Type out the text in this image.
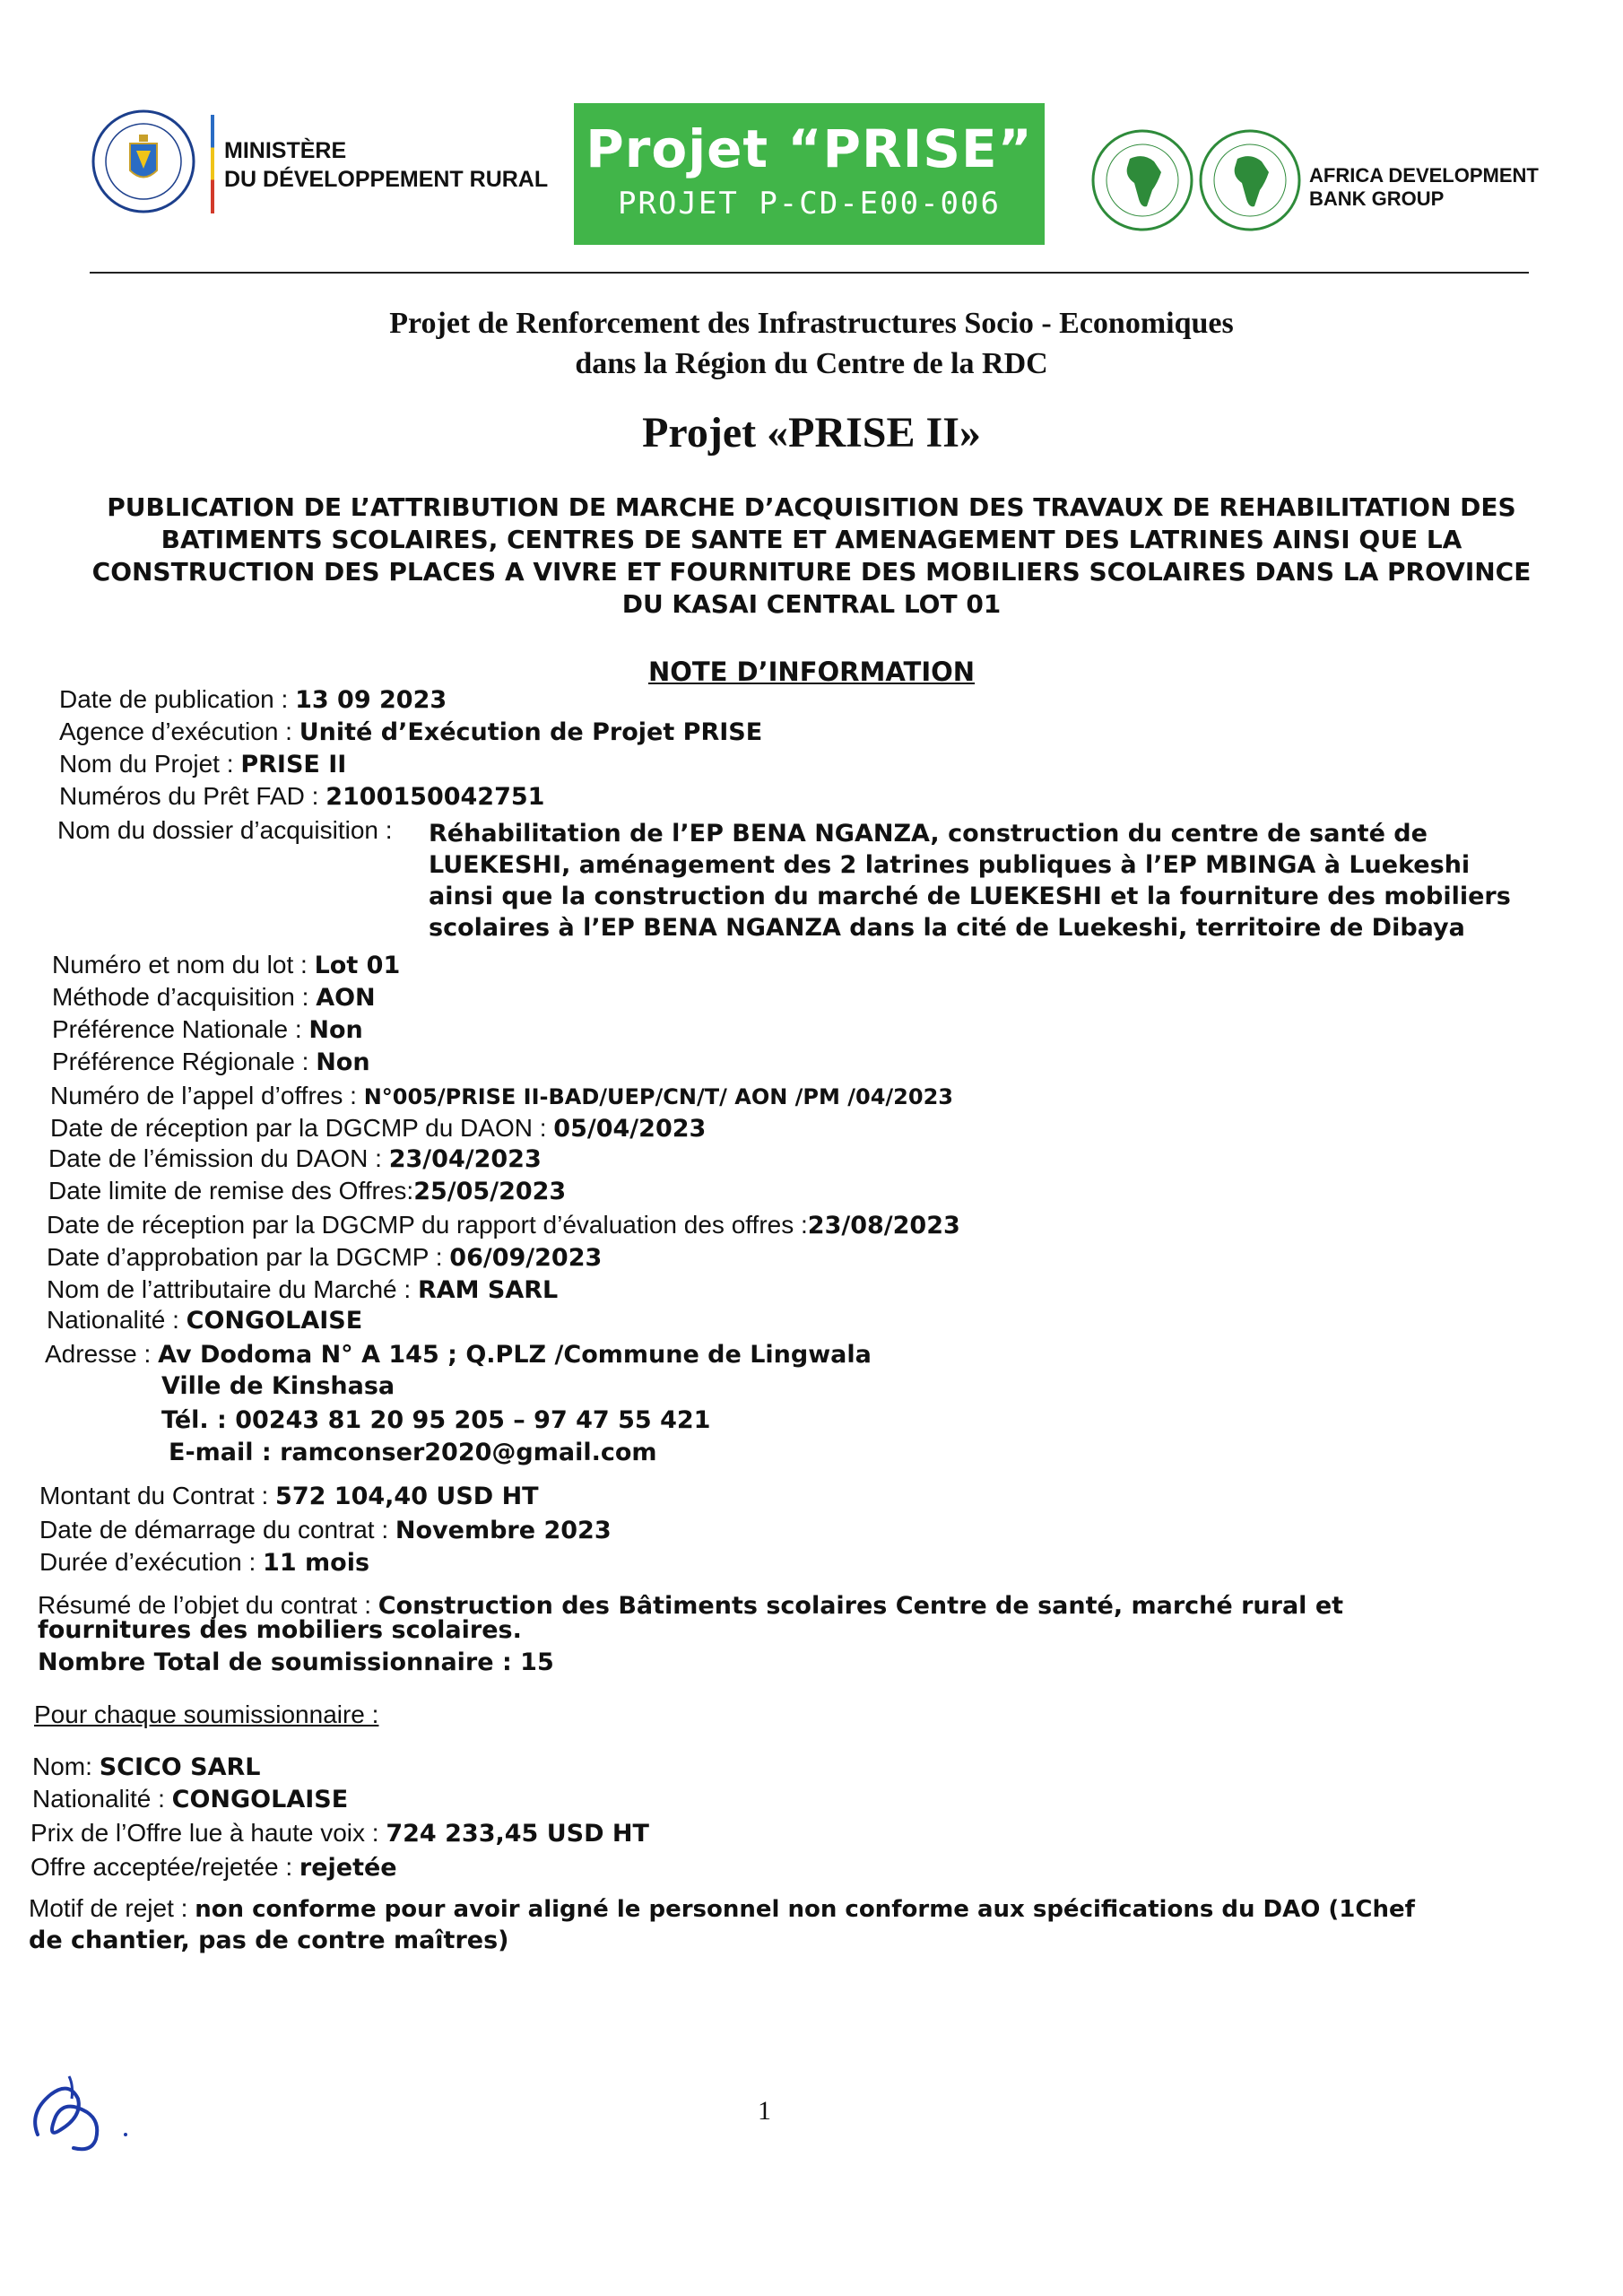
MINISTÈRE
DU DÉVELOPPEMENT RURAL Projet “PRISE”
PROJET P-CD-E00-006
AFRICA DEVELOPMENT
BANK GROUP
Projet de Renforcement des Infrastructures Socio - Economiques
dans la Région du Centre de la RDC
Projet «PRISE II»
PUBLICATION DE L’ATTRIBUTION DE MARCHE D’ACQUISITION DES TRAVAUX DE REHABILITATION DES BATIMENTS SCOLAIRES, CENTRES DE SANTE ET AMENAGEMENT DES LATRINES AINSI QUE LA CONSTRUCTION DES PLACES A VIVRE ET FOURNITURE DES MOBILIERS SCOLAIRES DANS LA PROVINCE DU KASAI CENTRAL LOT 01
NOTE D’INFORMATION
Date de publication : 13 09 2023
Agence d’exécution : Unité d’Exécution de Projet PRISE
Nom du Projet : PRISE II
Numéros du Prêt FAD : 2100150042751
Nom du dossier d’acquisition : Réhabilitation de l’EP BENA NGANZA, construction du centre de santé de LUEKESHI, aménagement des 2 latrines publiques à l’EP MBINGA à Luekeshi ainsi que la construction du marché de LUEKESHI et la fourniture des mobiliers scolaires à l’EP BENA NGANZA dans la cité de Luekeshi, territoire de Dibaya
Numéro et nom du lot : Lot 01
Méthode d’acquisition : AON
Préférence Nationale : Non
Préférence Régionale : Non
Numéro de l’appel d’offres : N°005/PRISE II-BAD/UEP/CN/T/ AON /PM /04/2023
Date de réception par la DGCMP du DAON : 05/04/2023
Date de l’émission du DAON : 23/04/2023
Date limite de remise des Offres:25/05/2023
Date de réception par la DGCMP du rapport d’évaluation des offres :23/08/2023
Date d’approbation par la DGCMP : 06/09/2023
Nom de l’attributaire du Marché : RAM SARL
Nationalité : CONGOLAISE
Adresse : Av Dodoma N° A 145 ; Q.PLZ /Commune de Lingwala
Ville de Kinshasa
Tél. : 00243 81 20 95 205 – 97 47 55 421
E-mail : ramconser2020@gmail.com
Montant du Contrat : 572 104,40 USD HT
Date de démarrage du contrat : Novembre 2023
Durée d’exécution : 11 mois
Résumé de l’objet du contrat : Construction des Bâtiments scolaires Centre de santé, marché rural et
fournitures des mobiliers scolaires.
Nombre Total de soumissionnaire : 15
Pour chaque soumissionnaire :
Nom: SCICO SARL
Nationalité : CONGOLAISE
Prix de l’Offre lue à haute voix : 724 233,45 USD HT
Offre acceptée/rejetée : rejetée
Motif de rejet : non conforme pour avoir aligné le personnel non conforme aux spécifications du DAO (1Chef
de chantier, pas de contre maîtres)
1
